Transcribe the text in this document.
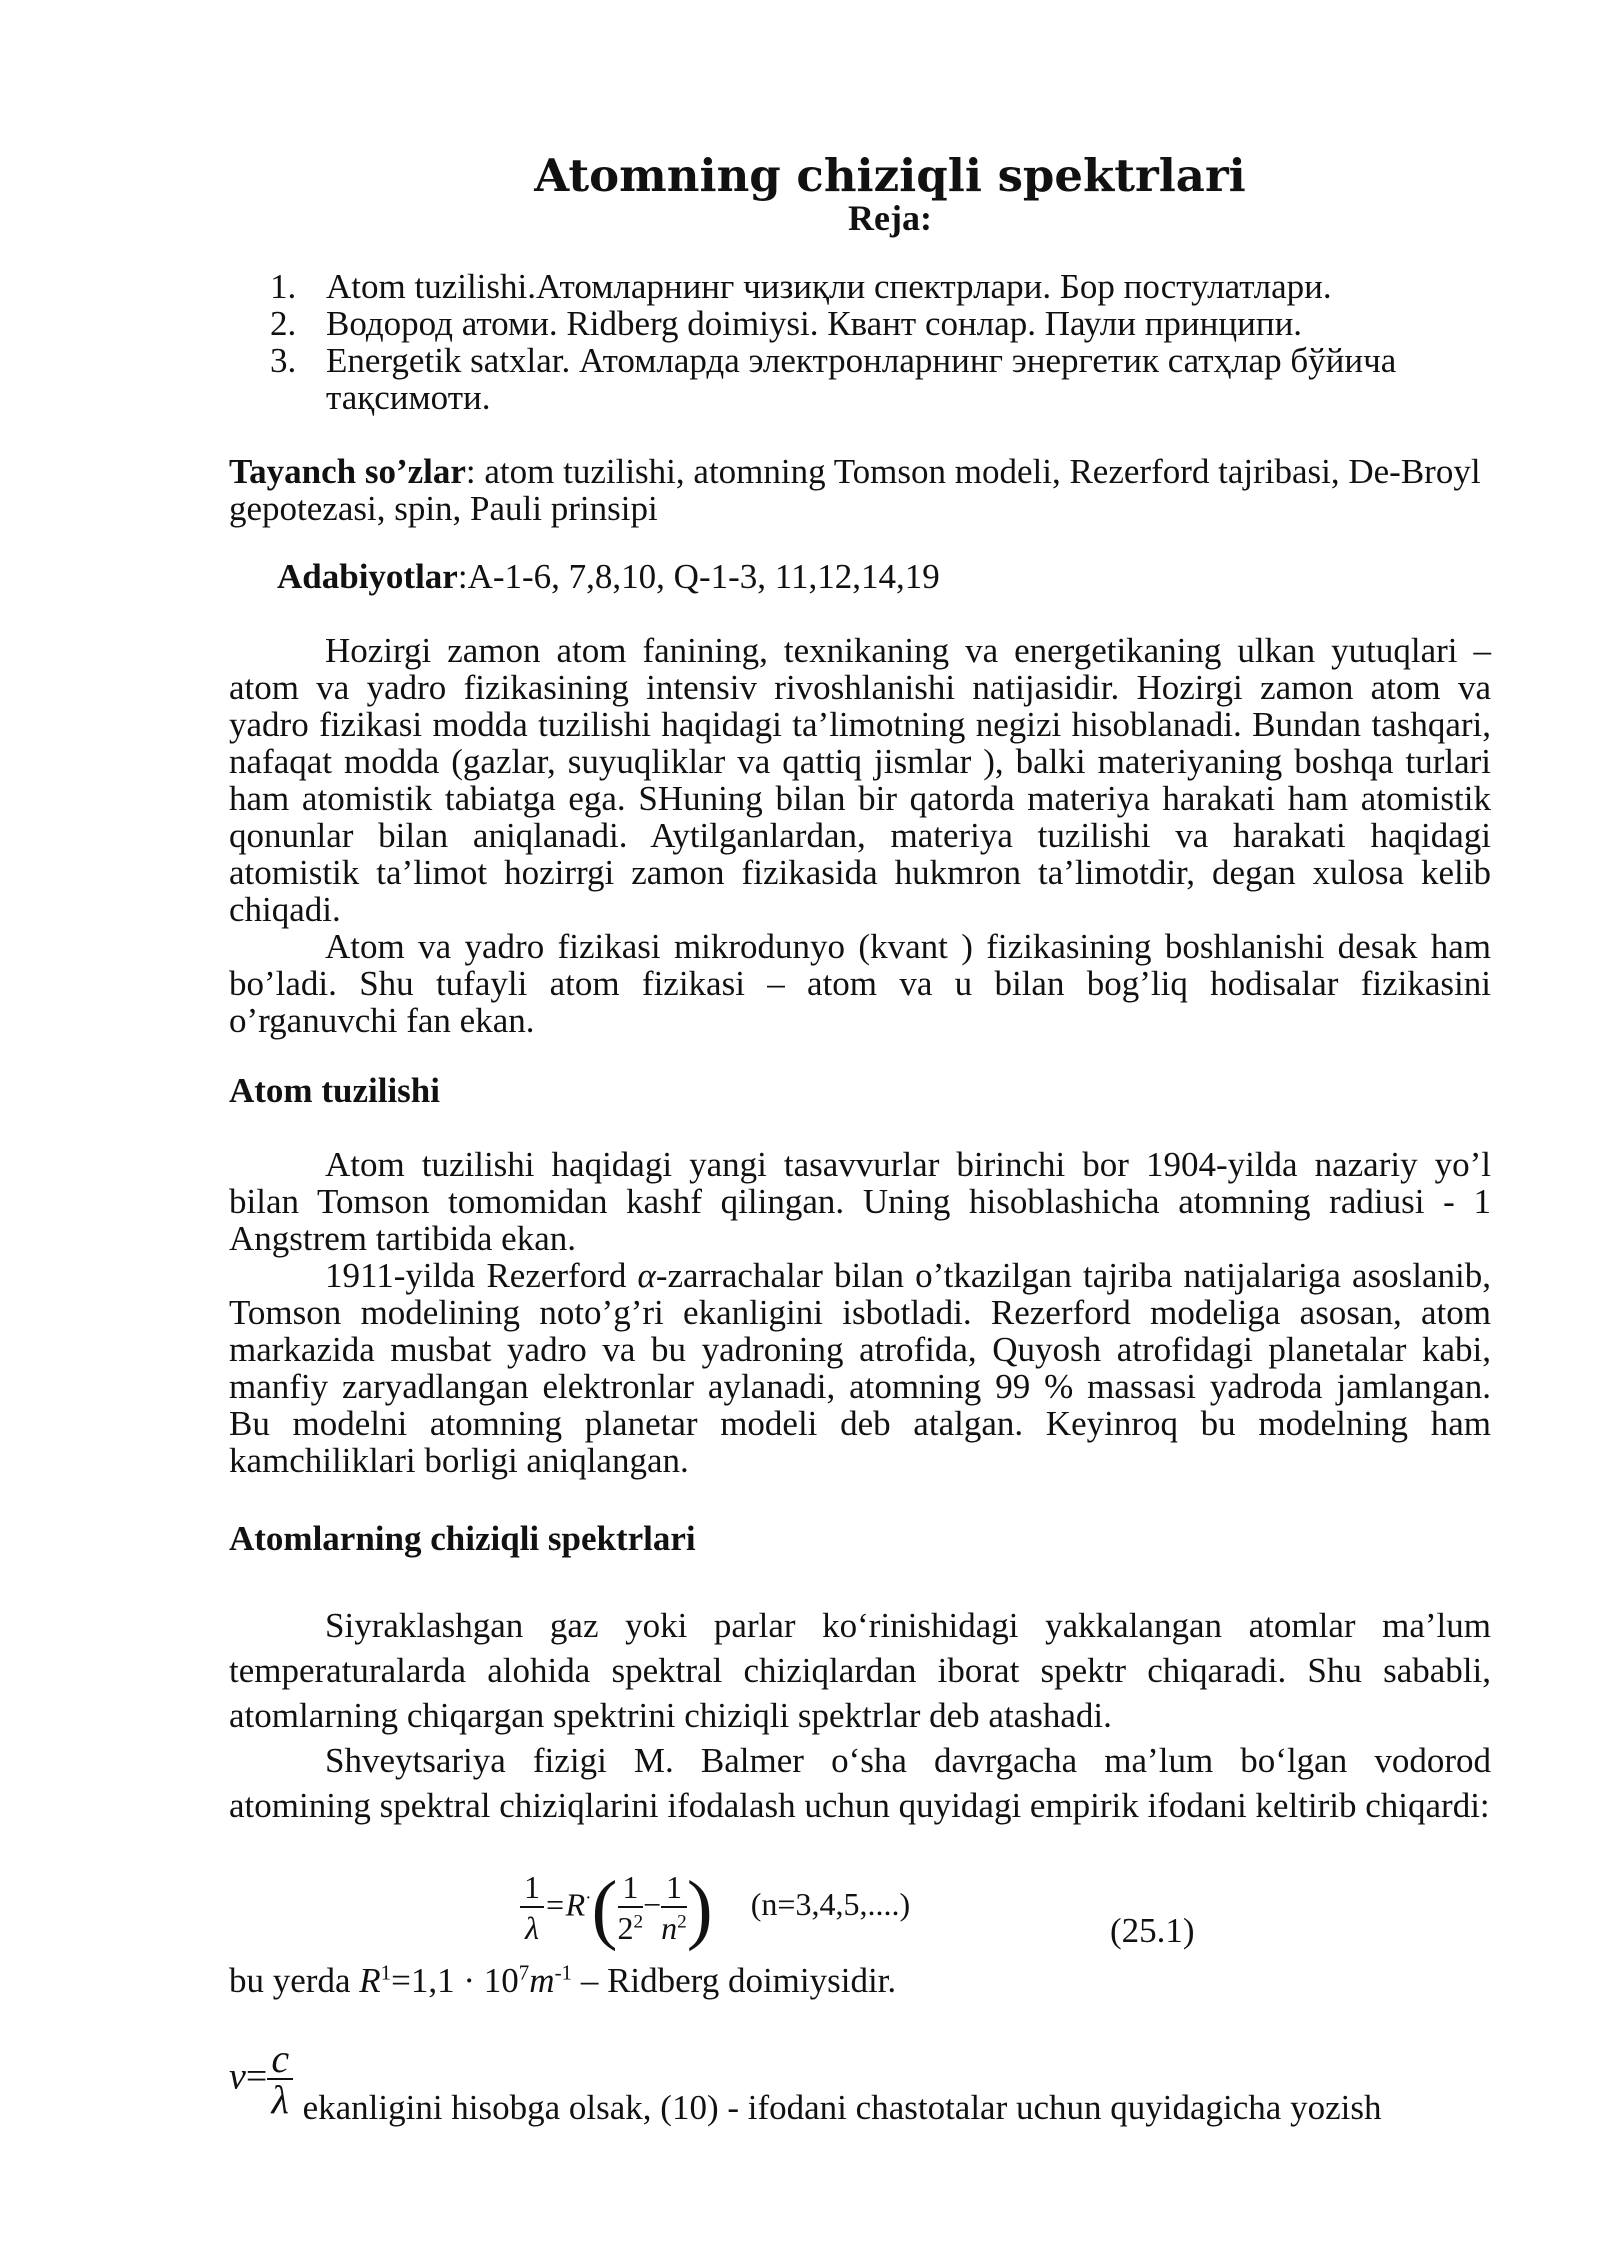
Atomning chiziqli spektrlari
Reja:
1. Atom tuzilishi.Атомларнинг чизиқли спектрлари. Бор постулатлари.
2. Водород атоми. Ridberg doimiysi. Квант сонлар. Паули принципи.
3. Energetik satxlar. Атомларда электронларнинг энергетик сатҳлар бўйича тақсимоти.

Tayanch so’zlar: atom tuzilishi, atomning Tomson modeli, Rezerford tajribasi, De-Broyl gepotezasi, spin, Pauli prinsipi

Adabiyotlar:A-1-6, 7,8,10, Q-1-3, 11,12,14,19

Hozirgi zamon atom fanining, texnikaning va energetikaning ulkan yutuqlari – atom va yadro fizikasining intensiv rivoshlanishi natijasidir. Hozirgi zamon atom va yadro fizikasi modda tuzilishi haqidagi ta’limotning negizi hisoblanadi. Bundan tashqari, nafaqat modda (gazlar, suyuqliklar va qattiq jismlar ), balki materiyaning boshqa turlari ham atomistik tabiatga ega. SHuning bilan bir qatorda materiya harakati ham atomistik qonunlar bilan aniqlanadi. Aytilganlardan, materiya tuzilishi va harakati haqidagi atomistik ta’limot hozirrgi zamon fizikasida hukmron ta’limotdir, degan xulosa kelib chiqadi.

Atom va yadro fizikasi mikrodunyo (kvant ) fizikasining boshlanishi desak ham bo’ladi. Shu tufayli atom fizikasi – atom va u bilan bog’liq hodisalar fizikasini o’rganuvchi fan ekan.

Atom tuzilishi

Atom tuzilishi haqidagi yangi tasavvurlar birinchi bor 1904-yilda nazariy yo’l bilan Tomson tomomidan kashf qilingan. Uning hisoblashicha atomning radiusi - 1 Angstrem tartibida ekan.

1911-yilda Rezerford α-zarrachalar bilan o’tkazilgan tajriba natijalariga asoslanib, Tomson modelining noto’g’ri ekanligini isbotladi. Rezerford modeliga asosan, atom markazida musbat yadro va bu yadroning atrofida, Quyosh atrofidagi planetalar kabi, manfiy zaryadlangan elektronlar aylanadi, atomning 99 % massasi yadroda jamlangan. Bu modelni atomning planetar modeli deb atalgan. Keyinroq bu modelning ham kamchiliklari borligi aniqlangan.

Atomlarning chiziqli spektrlari

Siyraklashgan gaz yoki parlar ko‘rinishidagi yakkalangan atomlar ma’lum temperaturalarda alohida spektral chiziqlardan iborat spektr chiqaradi. Shu sababli, atomlarning chiqargan spektrini chiziqli spektrlar deb atashadi.

Shveytsariya fizigi M. Balmer o‘sha davrgacha ma’lum bo‘lgan vodorod atomining spektral chiziqlarini ifodalash uchun quyidagi empirik ifodani keltirib chiqardi:

$\frac{1}{\lambda} =R^\cdot( \frac{1}{2^2} - \frac{1}{n^2}$ ) (n=3,4,5,....)
(25.1)

bu yerda $R^1=1,1 \cdot 10^7m^{-1}$ – Ridberg doimiysidir.

$\nu= \frac{c}{\lambda}$ ekanligini hisobga olsak, (10) - ifodani chastotalar uchun quyidagicha yozish
